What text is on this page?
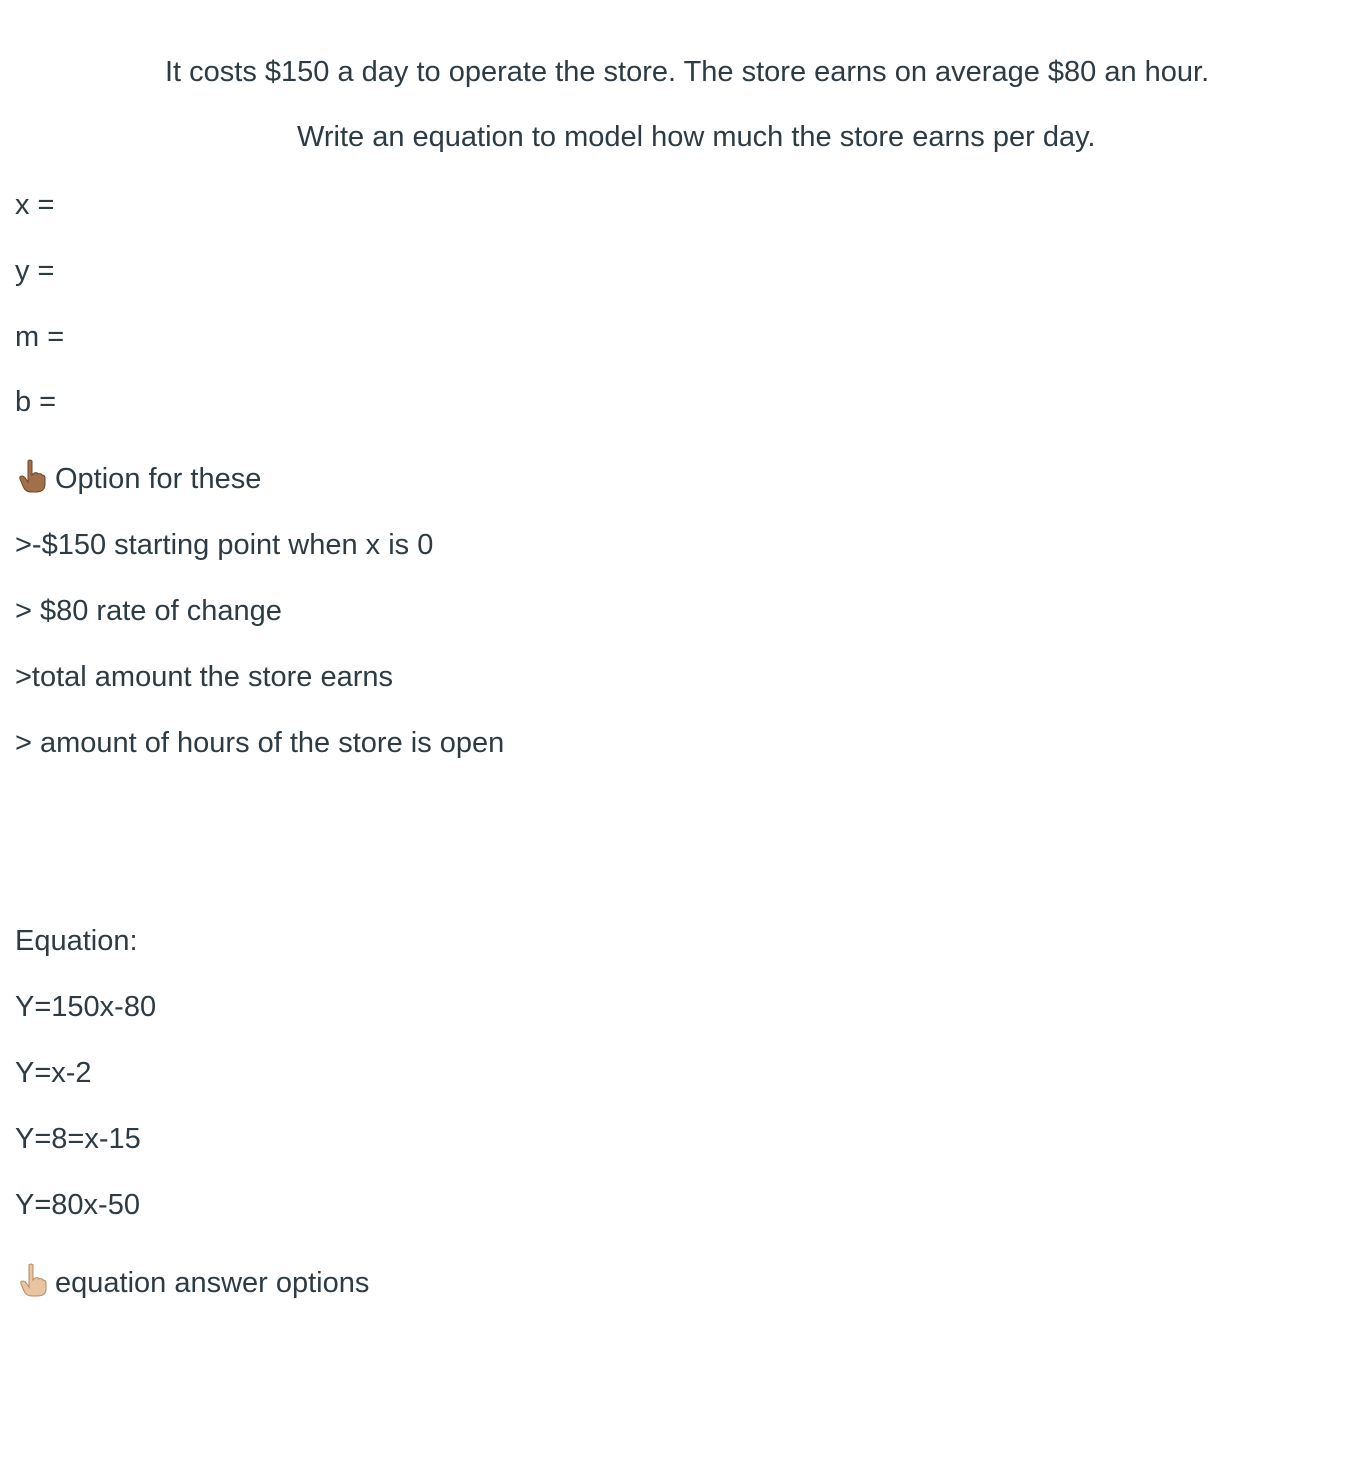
It costs $150 a day to operate the store. The store earns on average $80 an hour.

Write an equation to model how much the store earns per day.

x =

y =

m =

b =

Option for these

>-$150 starting point when x is 0

> $80 rate of change

>total amount the store earns

> amount of hours of the store is open

Equation:

Y=150x-80

Y=x-2

Y=8=x-15

Y=80x-50

equation answer options
